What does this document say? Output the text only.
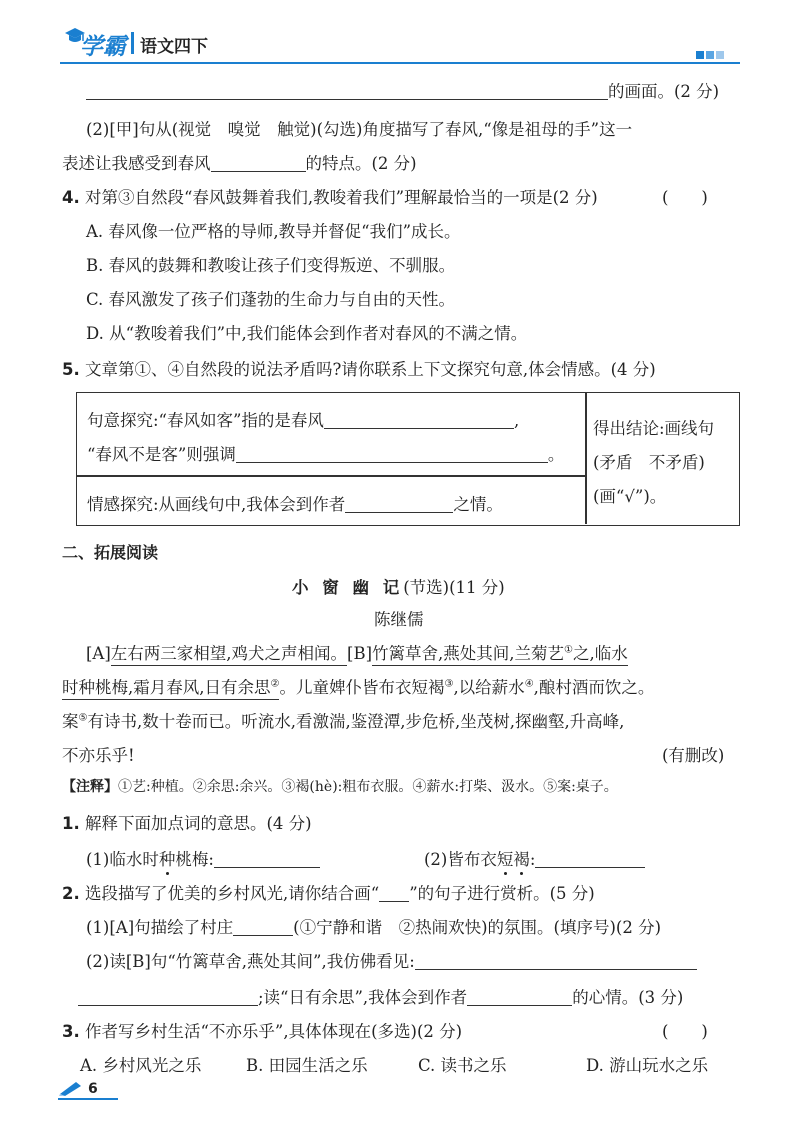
学霸 语文四下
的画面。(2 分)
(2)[甲]句从(视觉　嗅觉　触觉)(勾选)角度描写了春风,“像是祖母的手”这一
表述让我感受到春风	的特点。(2 分)
4. 对第③自然段“春风鼓舞着我们,教唆着我们”理解最恰当的一项是(2 分)	(　　)
A. 春风像一位严格的导师,教导并督促“我们”成长。
B. 春风的鼓舞和教唆让孩子们变得叛逆、不驯服。
C. 春风激发了孩子们蓬勃的生命力与自由的天性。
D. 从“教唆着我们”中,我们能体会到作者对春风的不满之情。
5. 文章第①、④自然段的说法矛盾吗?请你联系上下文探究句意,体会情感。(4 分)
句意探究:“春风如客”指的是春风	,
“春风不是客”则强调	。
情感探究:从画线句中,我体会到作者	之情。
得出结论:画线句
(矛盾　不矛盾)
(画“√”)。
二、拓展阅读
小 窗 幽 记(节选)(11 分)
陈继儒
[A]左右两三家相望,鸡犬之声相闻。[B]竹篱草舍,燕处其间,兰菊艺①之,临水
时种桃梅,霜月春风,日有余思②。儿童婢仆皆布衣短褐③,以给薪水④,酿村酒而饮之。
案⑤有诗书,数十卷而已。听流水,看激湍,鉴澄潭,步危桥,坐茂树,探幽壑,升高峰,
不亦乐乎!	(有删改)
【注释】①艺:种植。②余思:余兴。③褐(hè):粗布衣服。④薪水:打柴、汲水。⑤案:桌子。
1. 解释下面加点词的意思。(4 分)
(1)临水时种桃梅:	(2)皆布衣短褐:
2. 选段描写了优美的乡村风光,请你结合画“ ”的句子进行赏析。(5 分)
(1)[A]句描绘了村庄	(①宁静和谐　②热闹欢快)的氛围。(填序号)(2 分)
(2)读[B]句“竹篱草舍,燕处其间”,我仿佛看见:
;读“日有余思”,我体会到作者	的心情。(3 分)
3. 作者写乡村生活“不亦乐乎”,具体体现在(多选)(2 分)	(　　)
A. 乡村风光之乐	B. 田园生活之乐	C. 读书之乐	D. 游山玩水之乐
6
